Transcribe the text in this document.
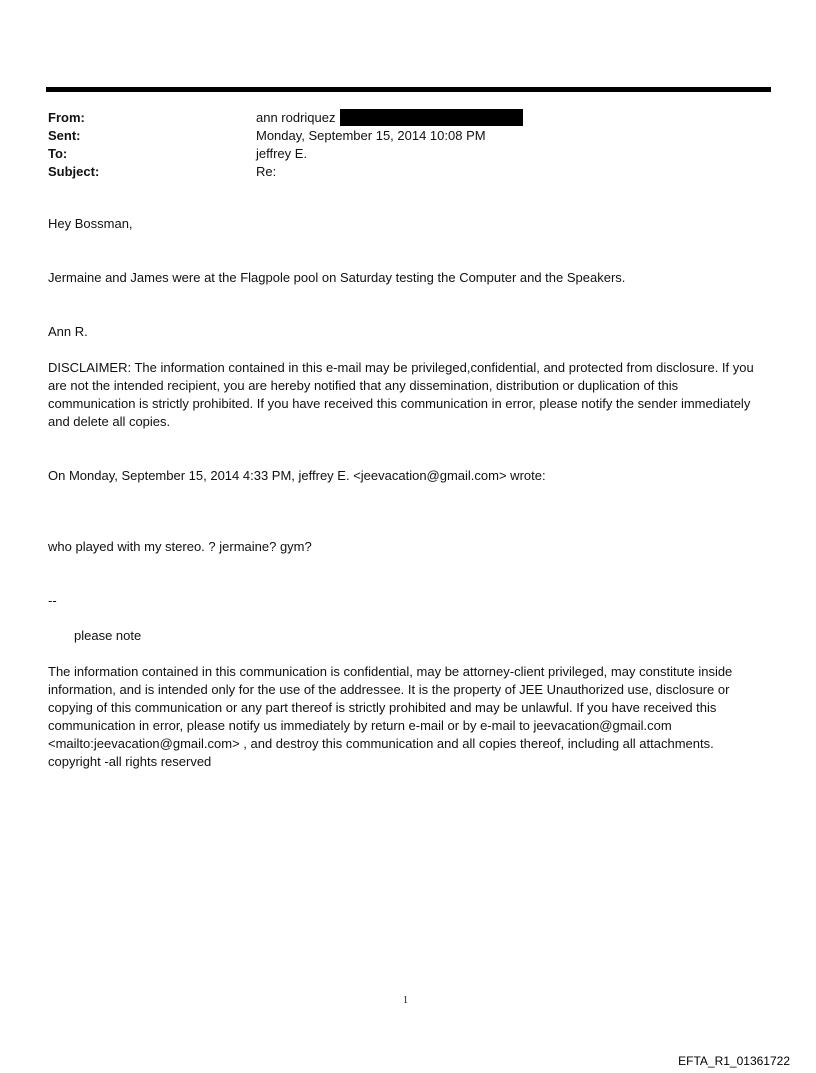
From:	ann rodriquez
Sent:	Monday, September 15, 2014 10:08 PM
To:	jeffrey E.
Subject:	Re:
Hey Bossman,
Jermaine and James were at the Flagpole pool on Saturday testing the Computer and the Speakers.
Ann R.
DISCLAIMER: The information contained in this e-mail may be privileged,confidential, and protected from disclosure. If you are not the intended recipient, you are hereby notified that any dissemination, distribution or duplication of this communication is strictly prohibited. If you have received this communication in error, please notify the sender immediately and delete all copies.
On Monday, September 15, 2014 4:33 PM, jeffrey E. <jeevacation@gmail.com> wrote:
who played with my stereo. ? jermaine? gym?
--
please note
The information contained in this communication is confidential, may be attorney-client privileged, may constitute inside information, and is intended only for the use of the addressee. It is the property of JEE Unauthorized use, disclosure or copying of this communication or any part thereof is strictly prohibited and may be unlawful. If you have received this communication in error, please notify us immediately by return e-mail or by e-mail to jeevacation@gmail.com <mailto:jeevacation@gmail.com> , and destroy this communication and all copies thereof, including all attachments. copyright -all rights reserved
1
EFTA_R1_01361722
